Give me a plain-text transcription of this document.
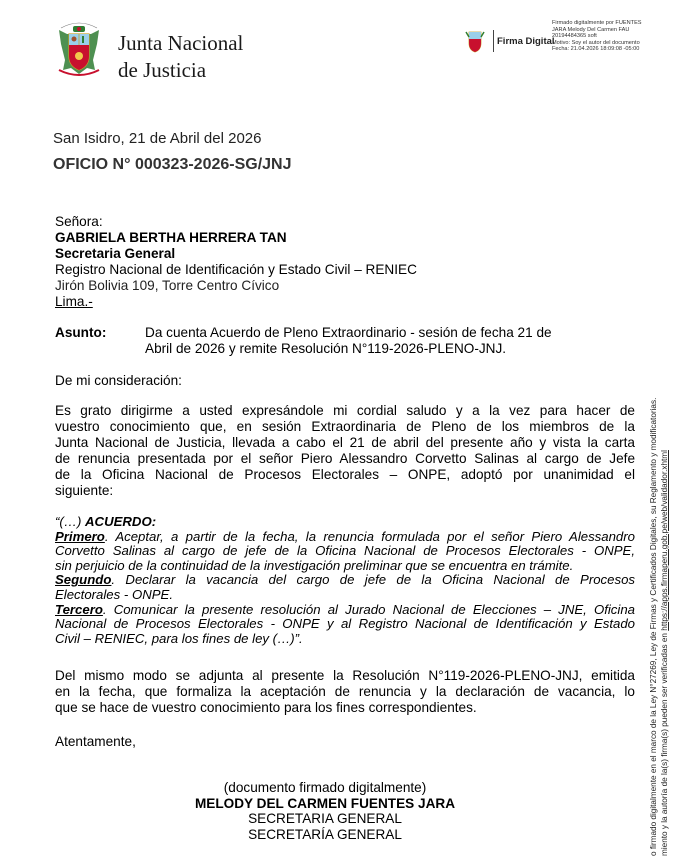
Junta Nacional
de Justicia
Firma Digital
Firmado digitalmente por FUENTES
JARA Melody Del Carmen FAU
20194484365 soft
Motivo: Soy el autor del documento
Fecha: 21.04.2026 18:09:08 -05:00
San Isidro, 21 de Abril del 2026
OFICIO N° 000323-2026-SG/JNJ
Señora:
GABRIELA BERTHA HERRERA TAN
Secretaria General
Registro Nacional de Identificación y Estado Civil – RENIEC
Jirón Bolivia 109, Torre Centro Cívico
Lima.-
Asunto:	Da cuenta Acuerdo de Pleno Extraordinario - sesión de fecha 21 de
Abril de 2026 y remite Resolución N°119-2026-PLENO-JNJ.
De mi consideración:
Es grato dirigirme a usted expresándole mi cordial saludo y a la vez para hacer de
vuestro conocimiento que, en sesión Extraordinaria de Pleno de los miembros de la
Junta Nacional de Justicia, llevada a cabo el 21 de abril del presente año y vista la carta
de renuncia presentada por el señor Piero Alessandro Corvetto Salinas al cargo de Jefe
de la Oficina Nacional de Procesos Electorales – ONPE, adoptó por unanimidad el
siguiente:
“(…) ACUERDO:
Primero. Aceptar, a partir de la fecha, la renuncia formulada por el señor Piero Alessandro
Corvetto Salinas al cargo de jefe de la Oficina Nacional de Procesos Electorales - ONPE,
sin perjuicio de la continuidad de la investigación preliminar que se encuentra en trámite.
Segundo. Declarar la vacancia del cargo de jefe de la Oficina Nacional de Procesos
Electorales - ONPE.
Tercero. Comunicar la presente resolución al Jurado Nacional de Elecciones – JNE, Oficina
Nacional de Procesos Electorales - ONPE y al Registro Nacional de Identificación y Estado
Civil – RENIEC, para los fines de ley (…)”.
Del mismo modo se adjunta al presente la Resolución N°119-2026-PLENO-JNJ, emitida
en la fecha, que formaliza la aceptación de renuncia y la declaración de vacancia, lo
que se hace de vuestro conocimiento para los fines correspondientes.
Atentamente,
(documento firmado digitalmente)
MELODY DEL CARMEN FUENTES JARA
SECRETARIA GENERAL
SECRETARÍA GENERAL	o firmado digitalmente en el marco de la Ley N°27269, Ley de Firmas y Certificados Digitales, su Reglamento y modificatorias. miento y la autoría de la(s) firma(s) pueden ser verificadas en https://apps.firmaperu.gob.pe/web/validador.xhtml
